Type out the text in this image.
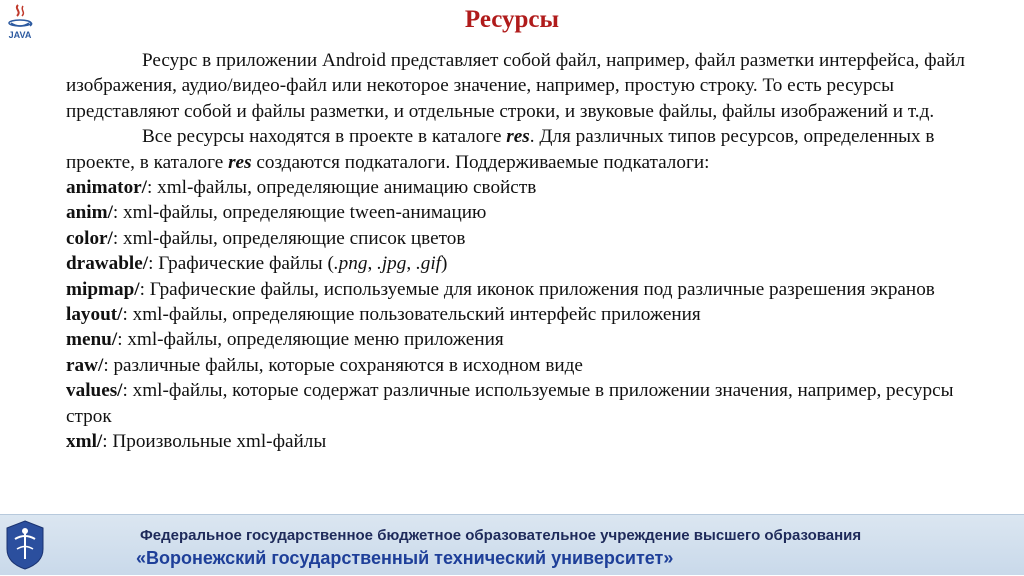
JAVA
Ресурсы

Ресурс в приложении Android представляет собой файл, например, файл разметки интерфейса, файл изображения, аудио/видео-файл или некоторое значение, например, простую строку. То есть ресурсы представляют собой и файлы разметки, и отдельные строки, и звуковые файлы, файлы изображений и т.д.

Все ресурсы находятся в проекте в каталоге res. Для различных типов ресурсов, определенных в проекте, в каталоге res создаются подкаталоги. Поддерживаемые подкаталоги:

animator/: xml-файлы, определяющие анимацию свойств

anim/: xml-файлы, определяющие tween-анимацию

color/: xml-файлы, определяющие список цветов

drawable/: Графические файлы (.png, .jpg, .gif)

mipmap/: Графические файлы, используемые для иконок приложения под различные разрешения экранов

layout/: xml-файлы, определяющие пользовательский интерфейс приложения

menu/: xml-файлы, определяющие меню приложения

raw/: различные файлы, которые сохраняются в исходном виде

values/: xml-файлы, которые содержат различные используемые в приложении значения, например, ресурсы строк

xml/: Произвольные xml-файлы

Федеральное государственное бюджетное образовательное учреждение высшего образования
«Воронежский государственный технический университет»
